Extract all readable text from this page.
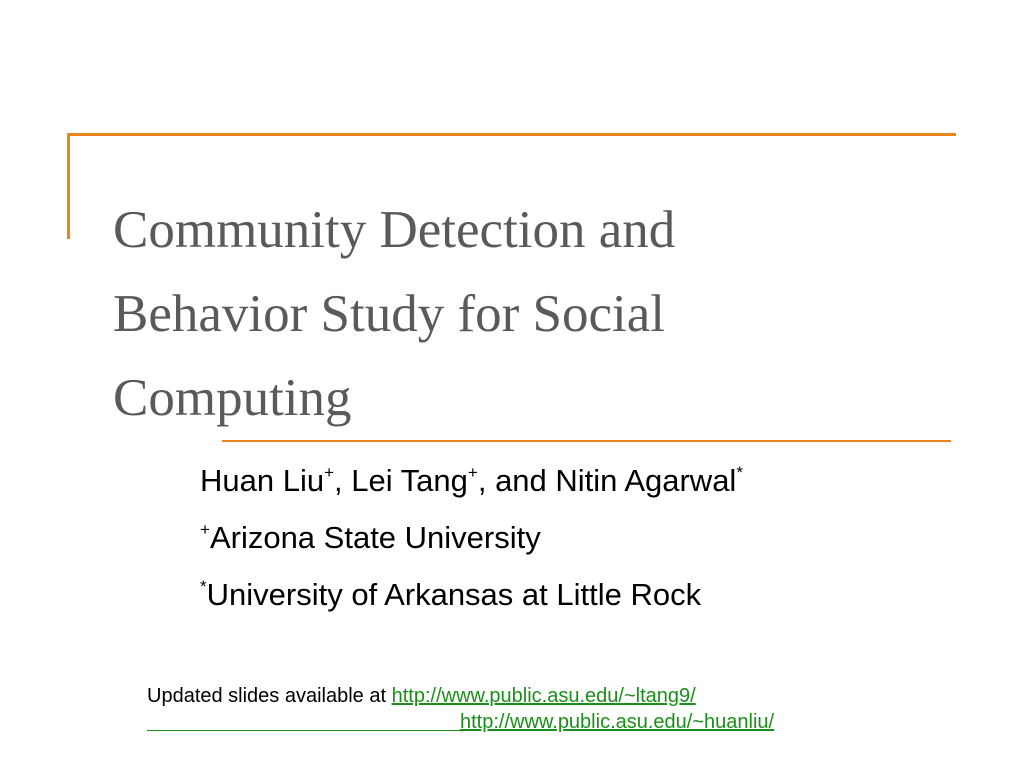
Community Detection and
Behavior Study for Social
Computing
Huan Liu+, Lei Tang+, and Nitin Agarwal*
+Arizona State University
*University of Arkansas at Little Rock
Updated slides available at http://www.public.asu.edu/~ltang9/
http://www.public.asu.edu/~huanliu/
